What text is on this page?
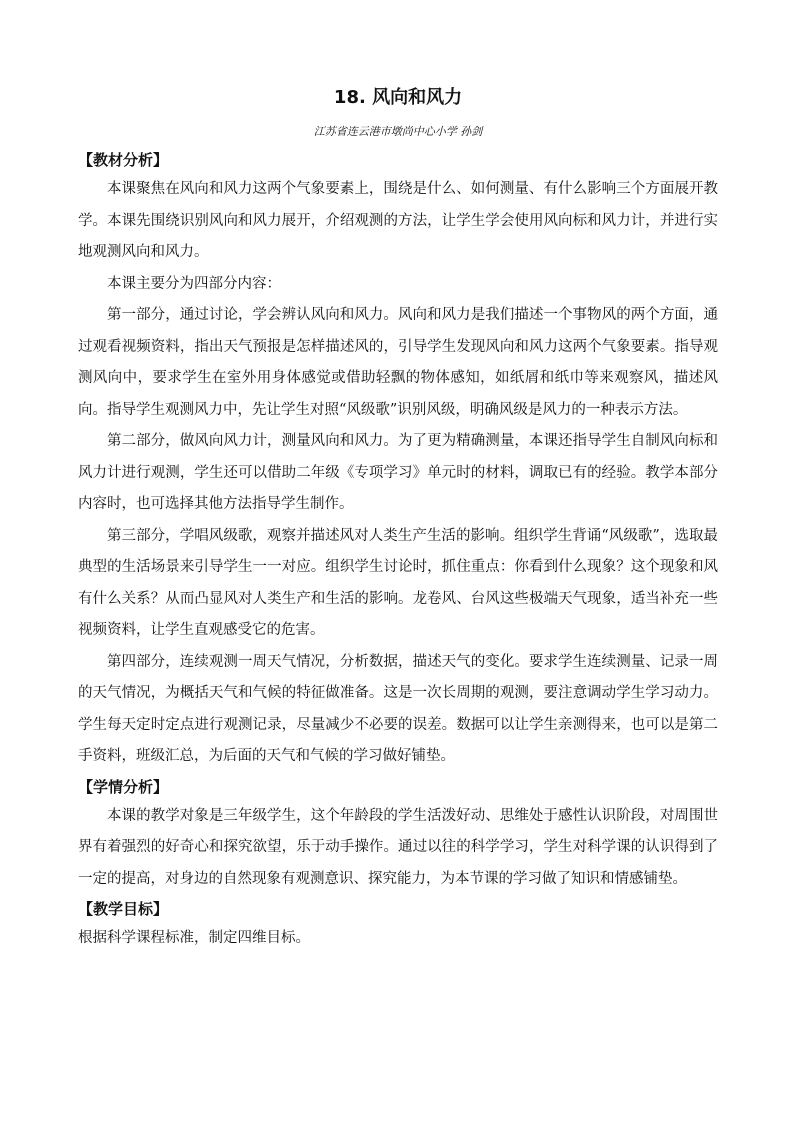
18. 风向和风力

江苏省连云港市墩尚中心小学 孙剑

【教材分析】

本课聚焦在风向和风力这两个气象要素上，围绕是什么、如何测量、有什么影响三个方面展开教学。本课先围绕识别风向和风力展开，介绍观测的方法，让学生学会使用风向标和风力计，并进行实地观测风向和风力。

本课主要分为四部分内容：

第一部分，通过讨论，学会辨认风向和风力。风向和风力是我们描述一个事物风的两个方面，通过观看视频资料，指出天气预报是怎样描述风的，引导学生发现风向和风力这两个气象要素。指导观测风向中，要求学生在室外用身体感觉或借助轻飘的物体感知，如纸屑和纸巾等来观察风，描述风向。指导学生观测风力中，先让学生对照“风级歌”识别风级，明确风级是风力的一种表示方法。

第二部分，做风向风力计，测量风向和风力。为了更为精确测量，本课还指导学生自制风向标和风力计进行观测，学生还可以借助二年级《专项学习》单元时的材料，调取已有的经验。教学本部分内容时，也可选择其他方法指导学生制作。

第三部分，学唱风级歌，观察并描述风对人类生产生活的影响。组织学生背诵“风级歌”，选取最典型的生活场景来引导学生一一对应。组织学生讨论时，抓住重点：你看到什么现象？这个现象和风有什么关系？从而凸显风对人类生产和生活的影响。龙卷风、台风这些极端天气现象，适当补充一些视频资料，让学生直观感受它的危害。

第四部分，连续观测一周天气情况，分析数据，描述天气的变化。要求学生连续测量、记录一周的天气情况，为概括天气和气候的特征做准备。这是一次长周期的观测，要注意调动学生学习动力。学生每天定时定点进行观测记录，尽量减少不必要的误差。数据可以让学生亲测得来，也可以是第二手资料，班级汇总，为后面的天气和气候的学习做好铺垫。

【学情分析】

本课的教学对象是三年级学生，这个年龄段的学生活泼好动、思维处于感性认识阶段，对周围世界有着强烈的好奇心和探究欲望，乐于动手操作。通过以往的科学学习，学生对科学课的认识得到了一定的提高，对身边的自然现象有观测意识、探究能力，为本节课的学习做了知识和情感铺垫。

【教学目标】

根据科学课程标准，制定四维目标。
